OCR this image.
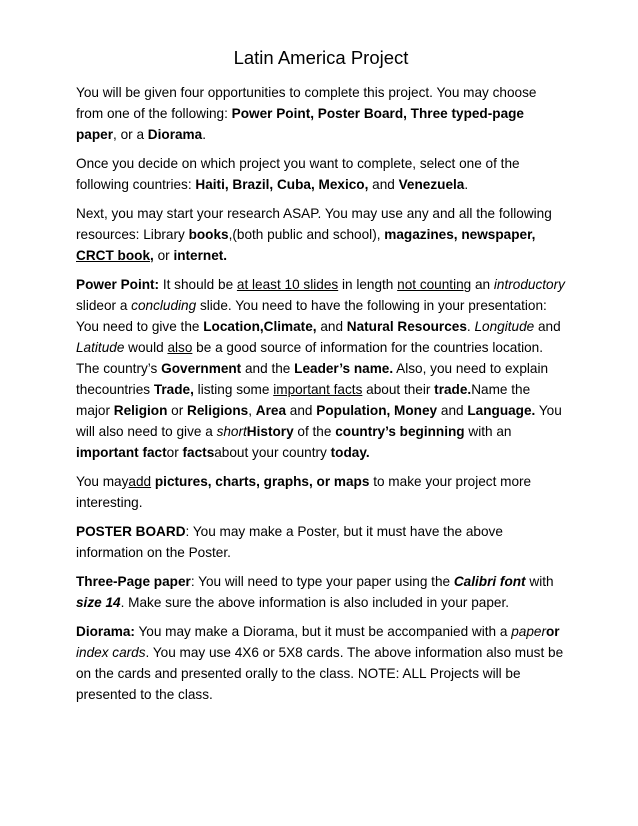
Latin America Project

You will be given four opportunities to complete this project. You may choose from one of the following: Power Point, Poster Board, Three typed-page paper, or a Diorama.

Once you decide on which project you want to complete, select one of the following countries: Haiti, Brazil, Cuba, Mexico, and Venezuela.

Next, you may start your research ASAP. You may use any and all the following resources: Library books,(both public and school), magazines, newspaper, CRCT book, or internet.

Power Point: It should be at least 10 slides in length not counting an introductory slideor a concluding slide. You need to have the following in your presentation: You need to give the Location,Climate, and Natural Resources. Longitude and Latitude would also be a good source of information for the countries location. The country’s Government and the Leader’s name. Also, you need to explain thecountries Trade, listing some important facts about their trade.Name the major Religion or Religions, Area and Population, Money and Language. You will also need to give a shortHistory of the country’s beginning with an important factor factsabout your country today.

You mayadd pictures, charts, graphs, or maps to make your project more interesting.

POSTER BOARD: You may make a Poster, but it must have the above information on the Poster.

Three-Page paper: You will need to type your paper using the Calibri font with size 14. Make sure the above information is also included in your paper.

Diorama: You may make a Diorama, but it must be accompanied with a paperor index cards. You may use 4X6 or 5X8 cards. The above information also must be on the cards and presented orally to the class. NOTE: ALL Projects will be presented to the class.
